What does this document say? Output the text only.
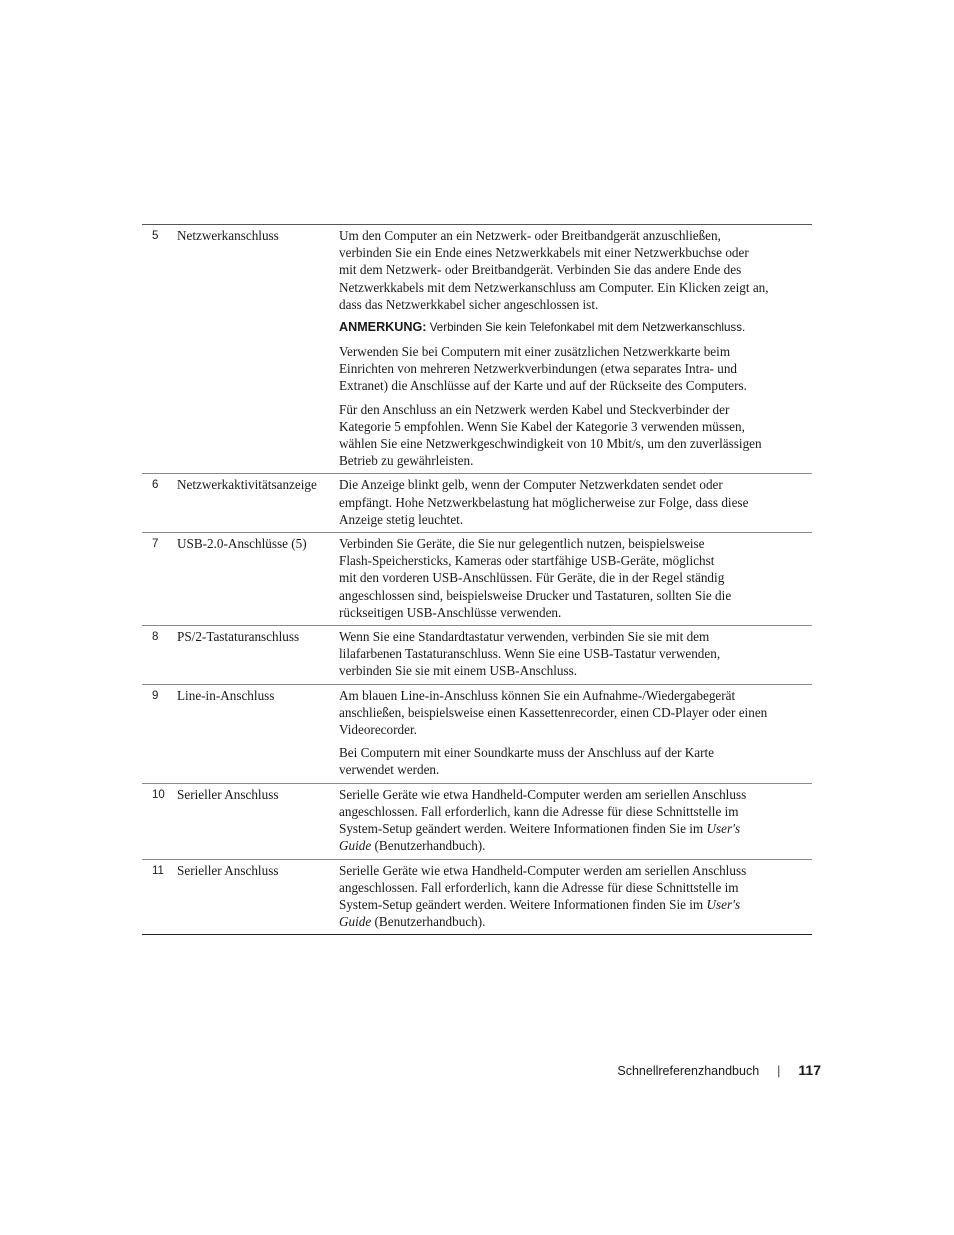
5	Netzwerkanschluss	Um den Computer an ein Netzwerk- oder Breitbandgerät anzuschließen,
verbinden Sie ein Ende eines Netzwerkkabels mit einer Netzwerkbuchse oder
mit dem Netzwerk- oder Breitbandgerät. Verbinden Sie das andere Ende des
Netzwerkkabels mit dem Netzwerkanschluss am Computer. Ein Klicken zeigt an,
dass das Netzwerkkabel sicher angeschlossen ist.

ANMERKUNG: Verbinden Sie kein Telefonkabel mit dem Netzwerkanschluss.

Verwenden Sie bei Computern mit einer zusätzlichen Netzwerkkarte beim
Einrichten von mehreren Netzwerkverbindungen (etwa separates Intra- und
Extranet) die Anschlüsse auf der Karte und auf der Rückseite des Computers.

Für den Anschluss an ein Netzwerk werden Kabel und Steckverbinder der
Kategorie 5 empfohlen. Wenn Sie Kabel der Kategorie 3 verwenden müssen,
wählen Sie eine Netzwerkgeschwindigkeit von 10 Mbit/s, um den zuverlässigen
Betrieb zu gewährleisten.

6	Netzwerkaktivitätsanzeige	Die Anzeige blinkt gelb, wenn der Computer Netzwerkdaten sendet oder
empfängt. Hohe Netzwerkbelastung hat möglicherweise zur Folge, dass diese
Anzeige stetig leuchtet.

7	USB-2.0-Anschlüsse (5)	Verbinden Sie Geräte, die Sie nur gelegentlich nutzen, beispielsweise
Flash-Speichersticks, Kameras oder startfähige USB-Geräte, möglichst
mit den vorderen USB-Anschlüssen. Für Geräte, die in der Regel ständig
angeschlossen sind, beispielsweise Drucker und Tastaturen, sollten Sie die
rückseitigen USB-Anschlüsse verwenden.

8	PS/2-Tastaturanschluss	Wenn Sie eine Standardtastatur verwenden, verbinden Sie sie mit dem
lilafarbenen Tastaturanschluss. Wenn Sie eine USB-Tastatur verwenden,
verbinden Sie sie mit einem USB-Anschluss.

9	Line-in-Anschluss	Am blauen Line-in-Anschluss können Sie ein Aufnahme-/Wiedergabegerät
anschließen, beispielsweise einen Kassettenrecorder, einen CD-Player oder einen
Videorecorder.

Bei Computern mit einer Soundkarte muss der Anschluss auf der Karte
verwendet werden.

10 Serieller Anschluss	Serielle Geräte wie etwa Handheld-Computer werden am seriellen Anschluss
angeschlossen. Fall erforderlich, kann die Adresse für diese Schnittstelle im
System-Setup geändert werden. Weitere Informationen finden Sie im User's
Guide (Benutzerhandbuch).

11 Serieller Anschluss	Serielle Geräte wie etwa Handheld-Computer werden am seriellen Anschluss
angeschlossen. Fall erforderlich, kann die Adresse für diese Schnittstelle im
System-Setup geändert werden. Weitere Informationen finden Sie im User's
Guide (Benutzerhandbuch).

Schnellreferenzhandbuch | 117
